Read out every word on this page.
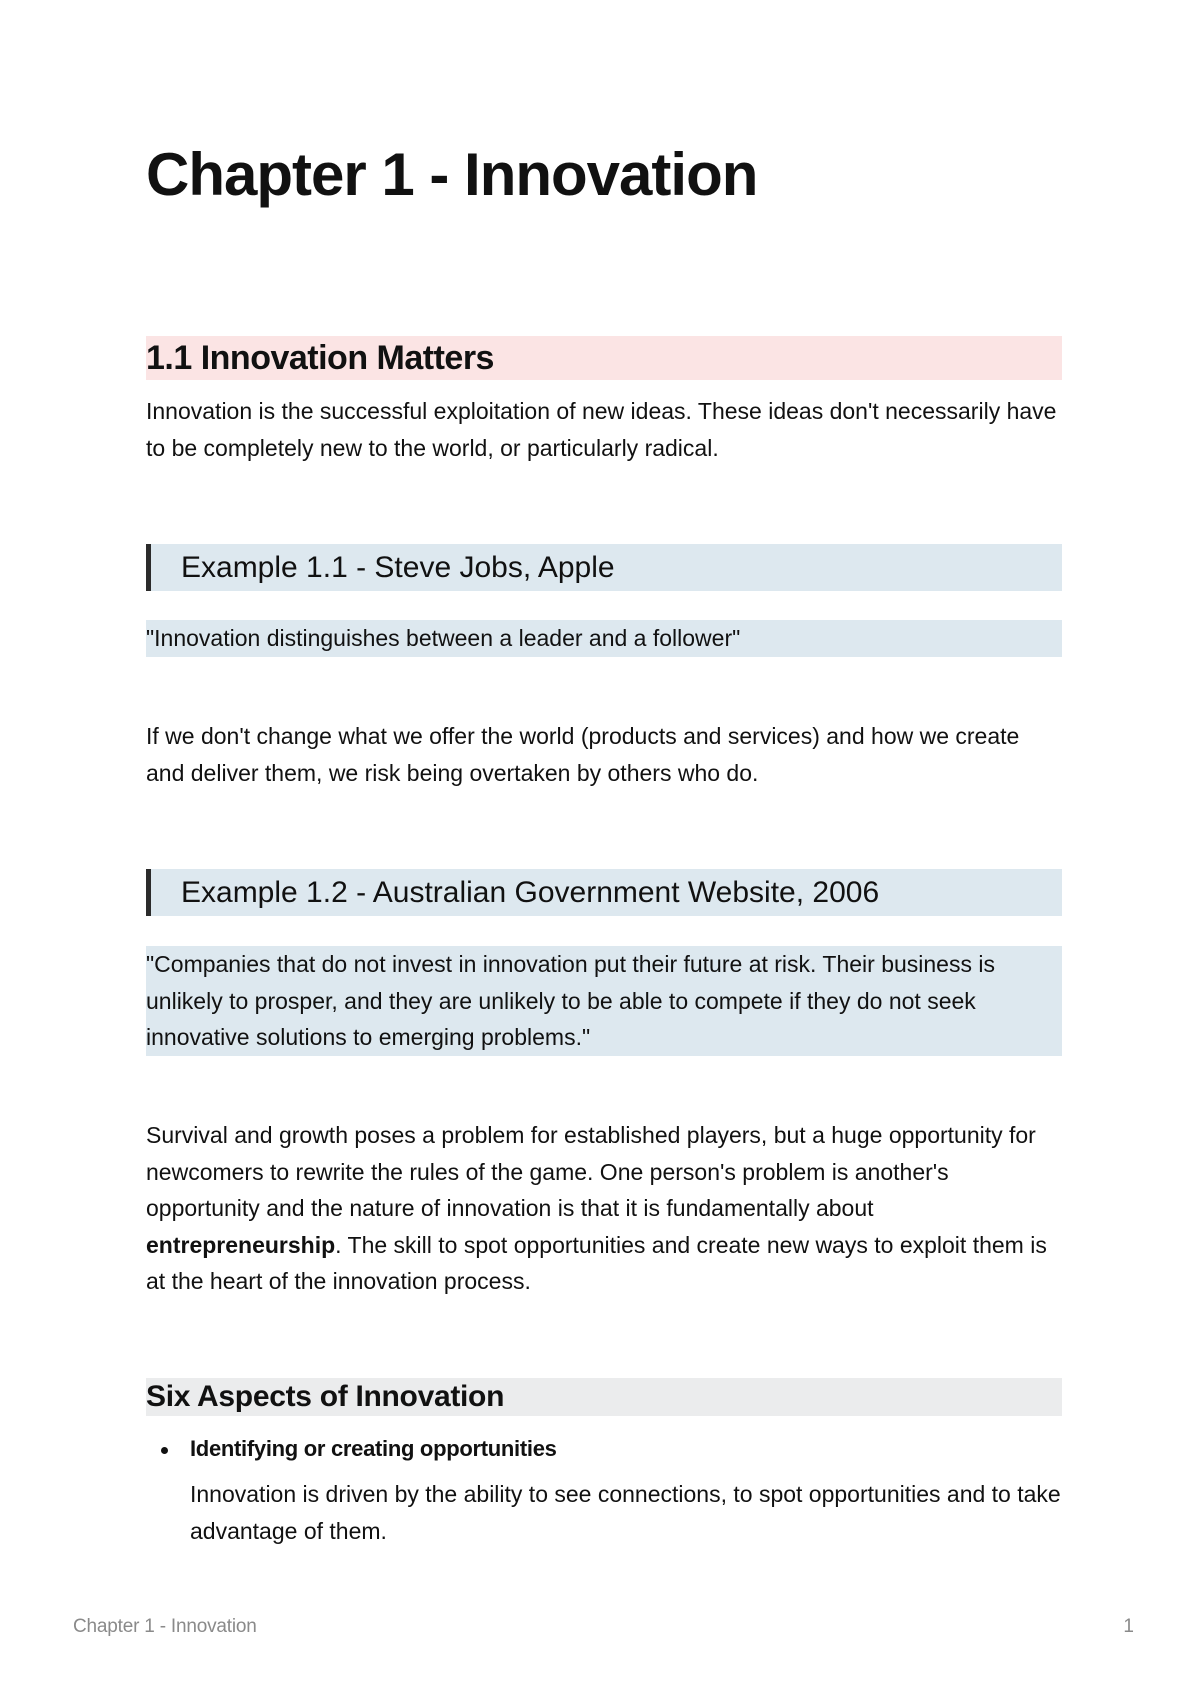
Chapter 1 - Innovation
1.1 Innovation Matters

Innovation is the successful exploitation of new ideas. These ideas don't necessarily have to be completely new to the world, or particularly radical.

Example 1.1 - Steve Jobs, Apple

"Innovation distinguishes between a leader and a follower"

If we don't change what we offer the world (products and services) and how we create and deliver them, we risk being overtaken by others who do.

Example 1.2 - Australian Government Website, 2006

"Companies that do not invest in innovation put their future at risk. Their business is unlikely to prosper, and they are unlikely to be able to compete if they do not seek innovative solutions to emerging problems."

Survival and growth poses a problem for established players, but a huge opportunity for newcomers to rewrite the rules of the game. One person's problem is another's opportunity and the nature of innovation is that it is fundamentally about entrepreneurship. The skill to spot opportunities and create new ways to exploit them is at the heart of the innovation process.

Six Aspects of Innovation
Identifying or creating opportunities
Innovation is driven by the ability to see connections, to spot opportunities and to take advantage of them.
Chapter 1 - Innovation	1
